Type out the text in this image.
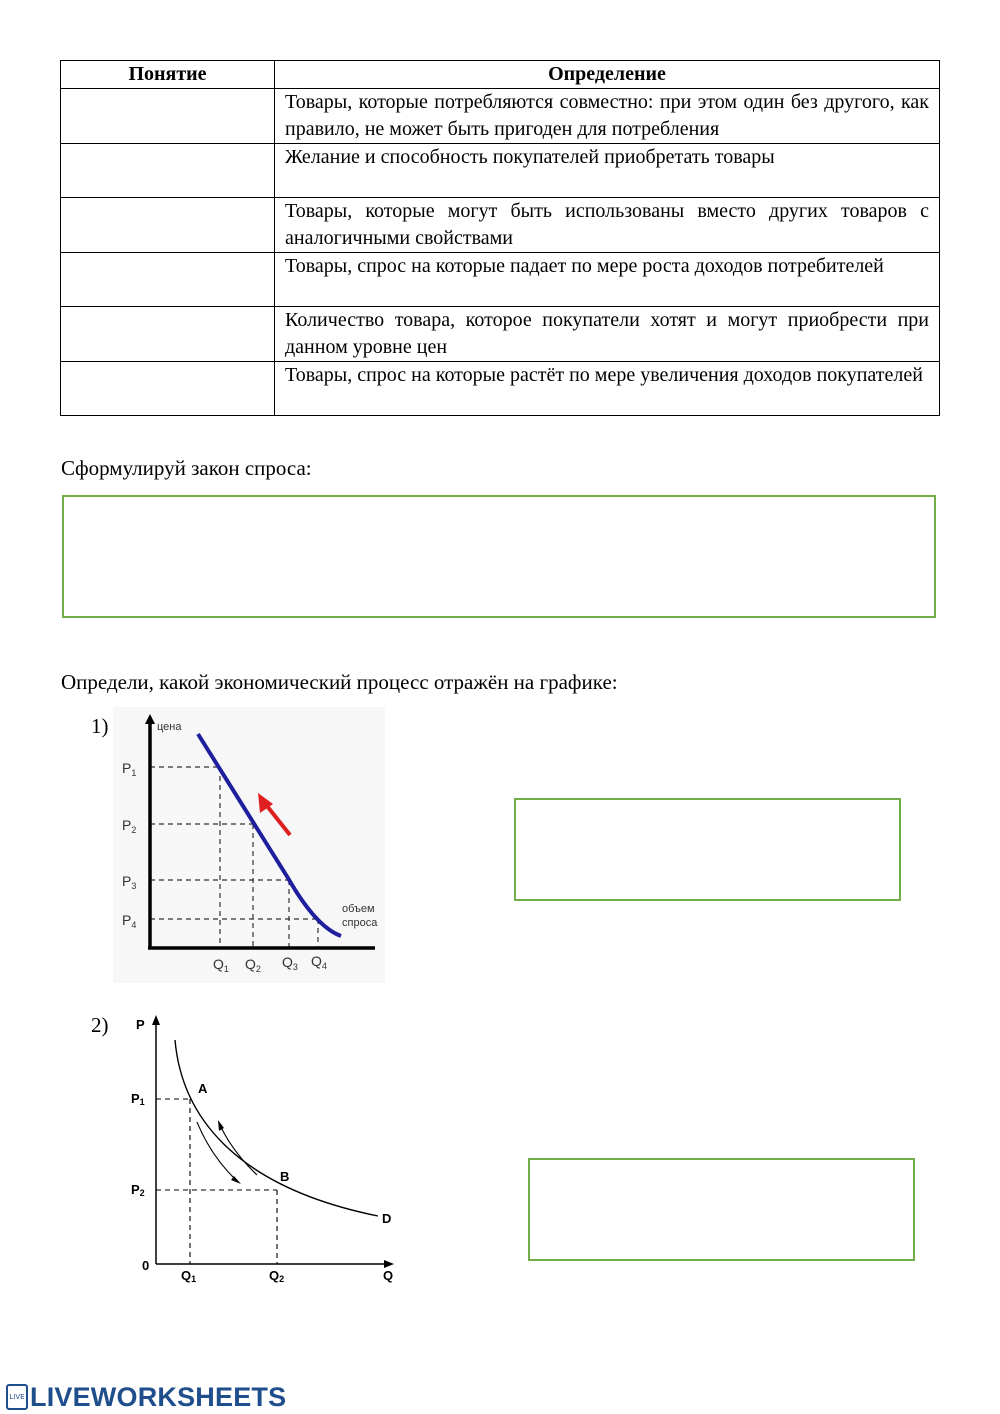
Понятие	Определение
	Товары, которые потребляются совместно: при этом один без другого, как правило, не может быть пригоден для потребления
	Желание и способность покупателей приобретать товары
	Товары, которые могут быть использованы вместо других товаров с аналогичными свойствами
	Товары, спрос на которые падает по мере роста доходов потребителей
	Количество товара, которое покупатели хотят и могут приобрести при данном уровне цен
	Товары, спрос на которые растёт по мере увеличения доходов покупателей
Сформулируй закон спроса:
Определи, какой экономический процесс отражён на графике:
1)	цена
объем
спроса
$P_1$
$P_2$
$P_3$
$P_4$
$Q_1$ $Q_2$ $Q_3$ $Q_4$
2) P
Q
0
A
B
D
P1
P2
Q1	Q2
LIVE LIVEWORKSHEETS
